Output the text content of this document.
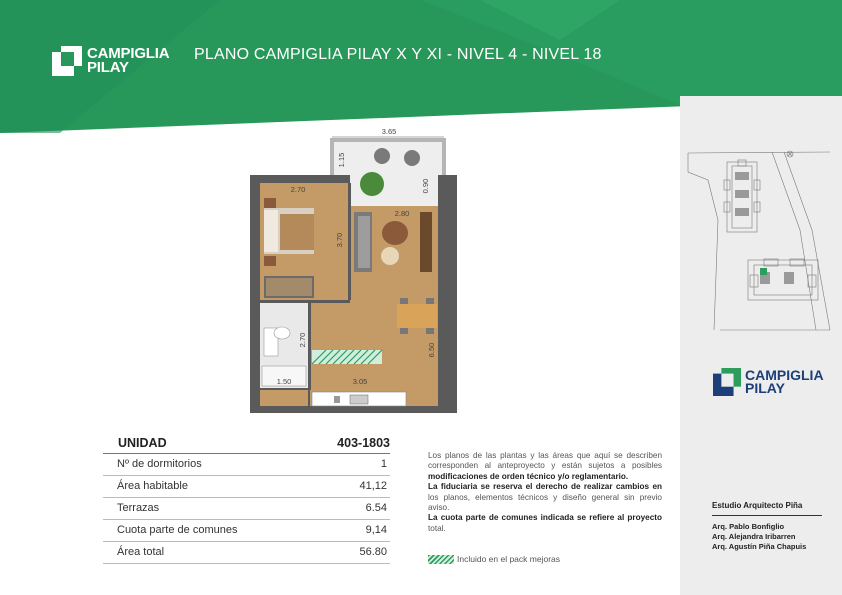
CAMPIGLIA
PILAY
PLANO CAMPIGLIA PILAY X Y XI - NIVEL 4 - NIVEL 18
CAMPIGLIA
PILAY
Estudio Arquitecto Piña
Arq. Pablo Bonfiglio
Arq. Alejandra Iribarren
Arq. Agustín Piña Chapuis
3.65
1.15
0.90
2.70
3.70
2.80
2.70
1.50
6.50
3.05
UNIDAD	403-1803
Nº de dormitorios	1
Área habitable	41,12
Terrazas	6.54
Cuota parte de comunes	9,14
Área total	56.80

Los planos de las plantas y las áreas que aquí se describen corresponden al anteproyecto y están sujetos a posibles modificaciones de orden técnico y/o reglamentario.

La fiduciaria se reserva el derecho de realizar cambios en los planos, elementos técnicos y diseño general sin previo aviso.

La cuota parte de comunes indicada se refiere al proyecto total.

Incluido en el pack mejoras
